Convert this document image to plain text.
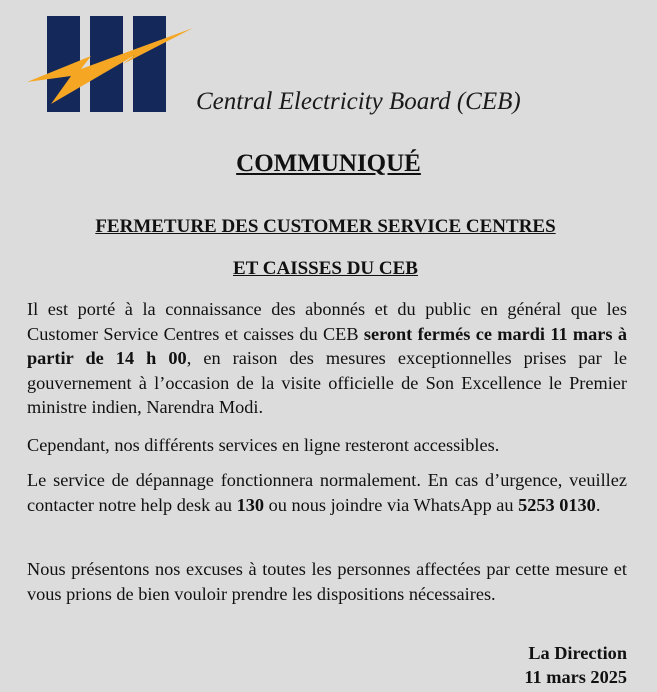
Central Electricity Board (CEB)
COMMUNIQUÉ
FERMETURE DES CUSTOMER SERVICE CENTRES
ET CAISSES DU CEB

Il est porté à la connaissance des abonnés et du public en général que les Customer Service Centres et caisses du CEB seront fermés ce mardi 11 mars à partir de 14 h 00, en raison des mesures exceptionnelles prises par le gouvernement à l’occasion de la visite officielle de Son Excellence le Premier ministre indien, Narendra Modi.

Cependant, nos différents services en ligne resteront accessibles.

Le service de dépannage fonctionnera normalement. En cas d’urgence, veuillez contacter notre help desk au 130 ou nous joindre via WhatsApp au 5253 0130.

Nous présentons nos excuses à toutes les personnes affectées par cette mesure et vous prions de bien vouloir prendre les dispositions nécessaires.

La Direction
11 mars 2025
